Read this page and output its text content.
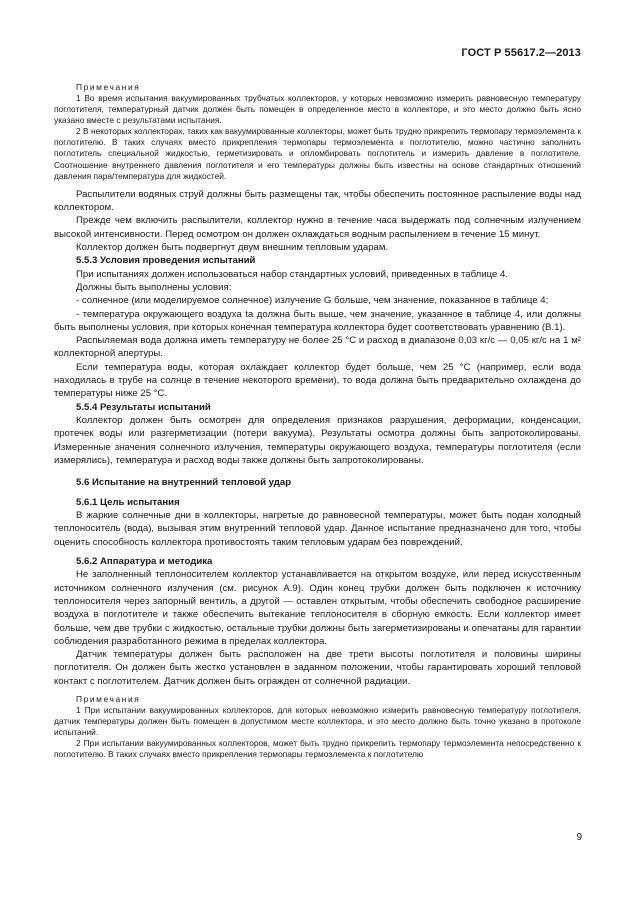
ГОСТ Р 55617.2—2013

Примечания

1 Во время испытания вакуумированных трубчатых коллекторов, у которых невозможно измерить равновесную температуру поглотителя, температурный датчик должен быть помещен в определенное место в коллекторе, и это место должно быть ясно указано вместе с результатами испытания.

2 В некоторых коллекторах, таких как вакуумированные коллекторы, может быть трудно прикрепить термопару термоэлемента к поглотителю. В таких случаях вместо прикрепления термопары термоэлемента к поглотителю, можно частично заполнить поглотитель специальной жидкостью, герметизировать и опломбировать поглотитель и измерить давление в поглотителе. Соотношение внутреннего давления поглотителя и его температуры должны быть известны на основе стандартных отношений давления пара/температура для жидкостей.

Распылители водяных струй должны быть размещены так, чтобы обеспечить постоянное распыление воды над коллектором.

Прежде чем включить распылители, коллектор нужно в течение часа выдержать под солнечным излучением высокой интенсивности. Перед осмотром он должен охлаждаться водным распылением в течение 15 минут.

Коллектор должен быть подвергнут двум внешним тепловым ударам.

5.5.3 Условия проведения испытаний

При испытаниях должен использоваться набор стандартных условий, приведенных в таблице 4.

Должны быть выполнены условия:

- солнечное (или моделируемое солнечное) излучение G больше, чем значение, показанное в таблице 4;

- температура окружающего воздуха ta должна быть выше, чем значение, указанное в таблице 4, или должны быть выполнены условия, при которых конечная температура коллектора будет соответствовать уравнению (В.1).

Распыляемая вода должна иметь температуру не более 25 °С и расход в диапазоне 0,03 кг/с — 0,05 кг/с на 1 м² коллекторной апертуры.

Если температура воды, которая охлаждает коллектор будет больше, чем 25 °С (например, если вода находилась в трубе на солнце в течение некоторого времени), то вода должна быть предварительно охлаждена до температуры ниже 25 °С.

5.5.4 Результаты испытаний

Коллектор должен быть осмотрен для определения признаков разрушения, деформации, конденсации, протечек воды или разгерметизации (потери вакуума). Результаты осмотра должны быть запротоколированы. Измеренные значения солнечного излучения, температуры окружающего воздуха, температуры поглотителя (если измерялись), температура и расход воды также должны быть запротоколированы.

5.6 Испытание на внутренний тепловой удар

5.6.1 Цель испытания

В жаркие солнечные дни в коллекторы, нагретые до равновесной температуры, может быть подан холодный теплоноситель (вода), вызывая этим внутренний тепловой удар. Данное испытание предназначено для того, чтобы оценить способность коллектора противостоять таким тепловым ударам без повреждений.

5.6.2 Аппаратура и методика

Не заполненный теплоносителем коллектор устанавливается на открытом воздухе, или перед искусственным источником солнечного излучения (см. рисунок А.9). Один конец трубки должен быть подключен к источнику теплоносителя через запорный вентиль, а другой — оставлен открытым, чтобы обеспечить свободное расширение воздуха в поглотителе и также обеспечить вытекание теплоносителя в сборную емкость. Если коллектор имеет больше, чем две трубки с жидкостью, остальные трубки должны быть загерметизированы и опечатаны для гарантии соблюдения разработанного режима в пределах коллектора.

Датчик температуры должен быть расположен на две трети высоты поглотителя и половины ширины поглотителя. Он должен быть жестко установлен в заданном положении, чтобы гарантировать хороший тепловой контакт с поглотителем. Датчик должен быть огражден от солнечной радиации.

Примечания

1 При испытании вакуумированных коллекторов, для которых невозможно измерить равновесную температуру поглотителя, датчик температуры должен быть помещен в допустимом месте коллектора, и это место должно быть точно указано в протоколе испытаний.

2 При испытании вакуумированных коллекторов, может быть трудно прикрепить термопару термоэлемента непосредственно к поглотителю. В таких случаях вместо прикрепления термопары термоэлемента к поглотителю

9
